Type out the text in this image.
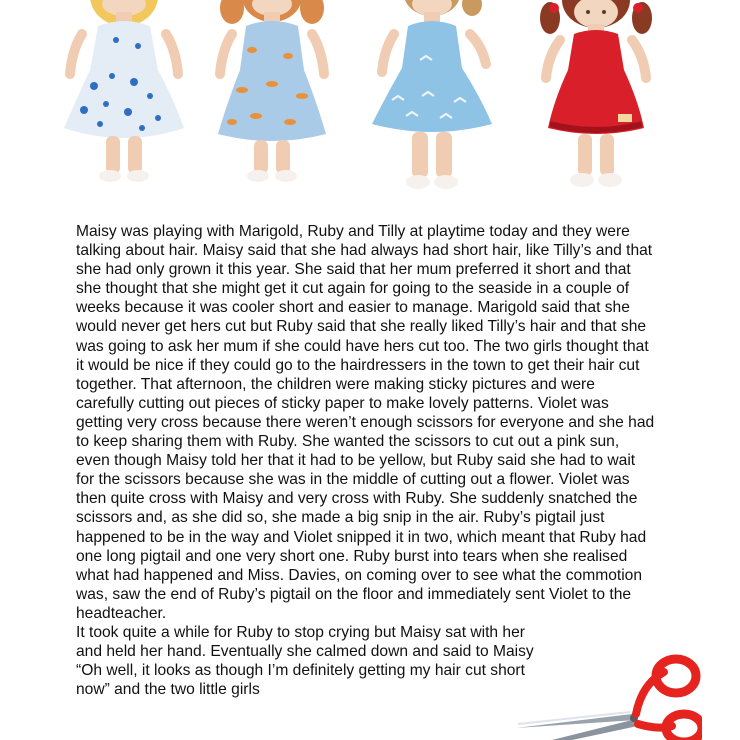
Maisy was playing with Marigold, Ruby and Tilly at playtime today and they were talking about hair. Maisy said that she had always had short hair, like Tilly’s and that she had only grown it this year. She said that her mum preferred it short and that she thought that she might get it cut again for going to the seaside in a couple of weeks because it was cooler short and easier to manage. Marigold said that she would never get hers cut but Ruby said that she really liked Tilly’s hair and that she was going to ask her mum if she could have hers cut too. The two girls thought that it would be nice if they could go to the hairdressers in the town to get their hair cut together. That afternoon, the children were making sticky pictures and were carefully cutting out pieces of sticky paper to make lovely patterns. Violet was getting very cross because there weren’t enough scissors for everyone and she had to keep sharing them with Ruby. She wanted the scissors to cut out a pink sun, even though Maisy told her that it had to be yellow, but Ruby said she had to wait for the scissors because she was in the middle of cutting out a flower. Violet was then quite cross with Maisy and very cross with Ruby. She suddenly snatched the scissors and, as she did so, she made a big snip in the air. Ruby’s pigtail just happened to be in the way and Violet snipped it in two, which meant that Ruby had one long pigtail and one very short one. Ruby burst into tears when she realised what had happened and Miss. Davies, on coming over to see what the commotion was, saw the end of Ruby’s pigtail on the floor and immediately sent Violet to the headteacher.

It took quite a while for Ruby to stop crying but Maisy sat with her and held her hand. Eventually she calmed down and said to Maisy “Oh well, it looks as though I’m definitely getting my hair cut short now” and the two little girls
